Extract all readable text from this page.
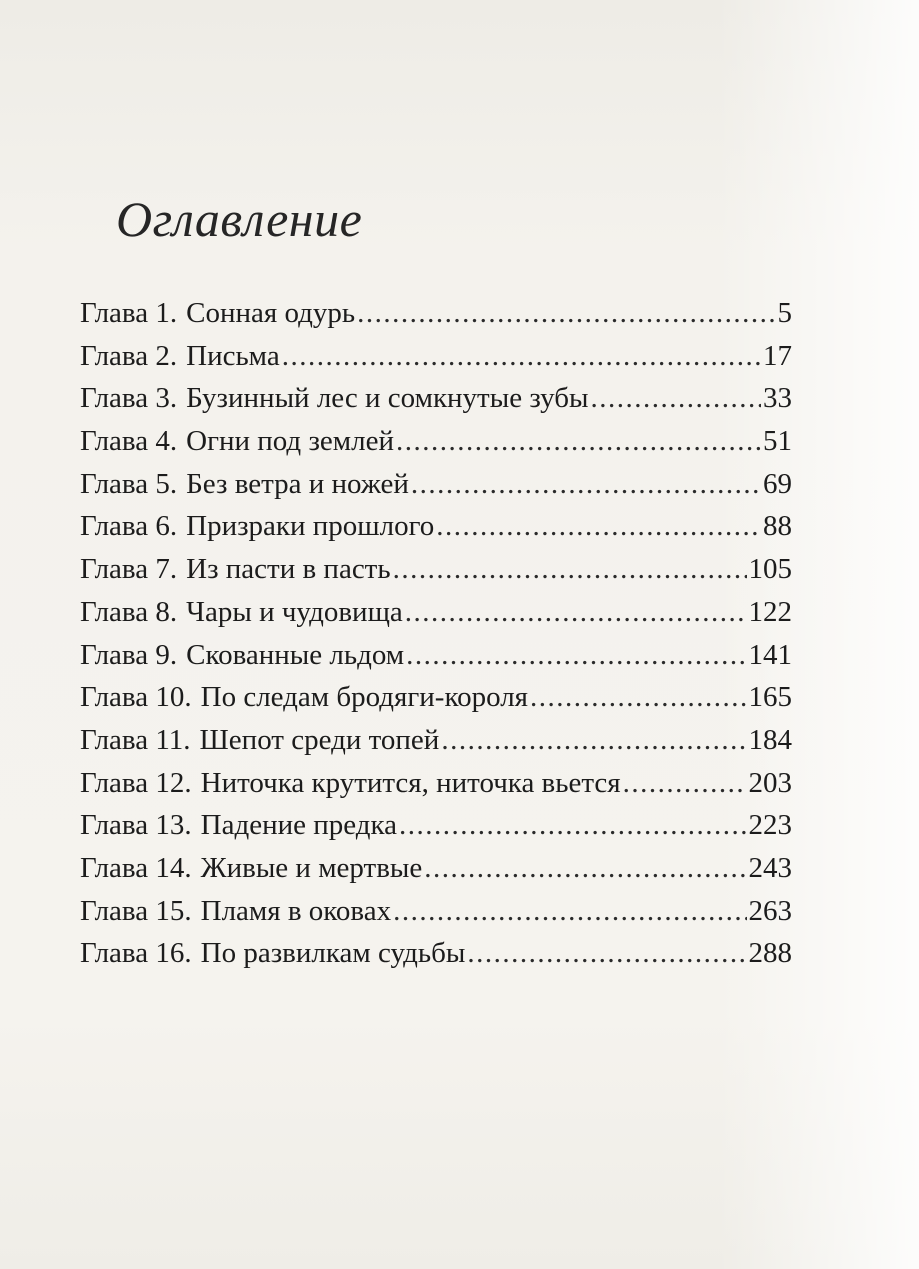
Оглавление
Глава 1. Сонная одурь .....	5
Глава 2. Письма .....	17
Глава 3. Бузинный лес и сомкнутые зубы .....	33
Глава 4. Огни под землей .....	51
Глава 5. Без ветра и ножей .....	69
Глава 6. Призраки прошлого .....	88
Глава 7. Из пасти в пасть .....	105
Глава 8. Чары и чудовища .....	122
Глава 9. Скованные льдом .....	141
Глава 10. По следам бродяги-короля .....	165
Глава 11. Шепот среди топей .....	184
Глава 12. Ниточка крутится, ниточка вьется .....	203
Глава 13. Падение предка .....	223
Глава 14. Живые и мертвые .....	243
Глава 15. Пламя в оковах .....	263
Глава 16. По развилкам судьбы .....	288
